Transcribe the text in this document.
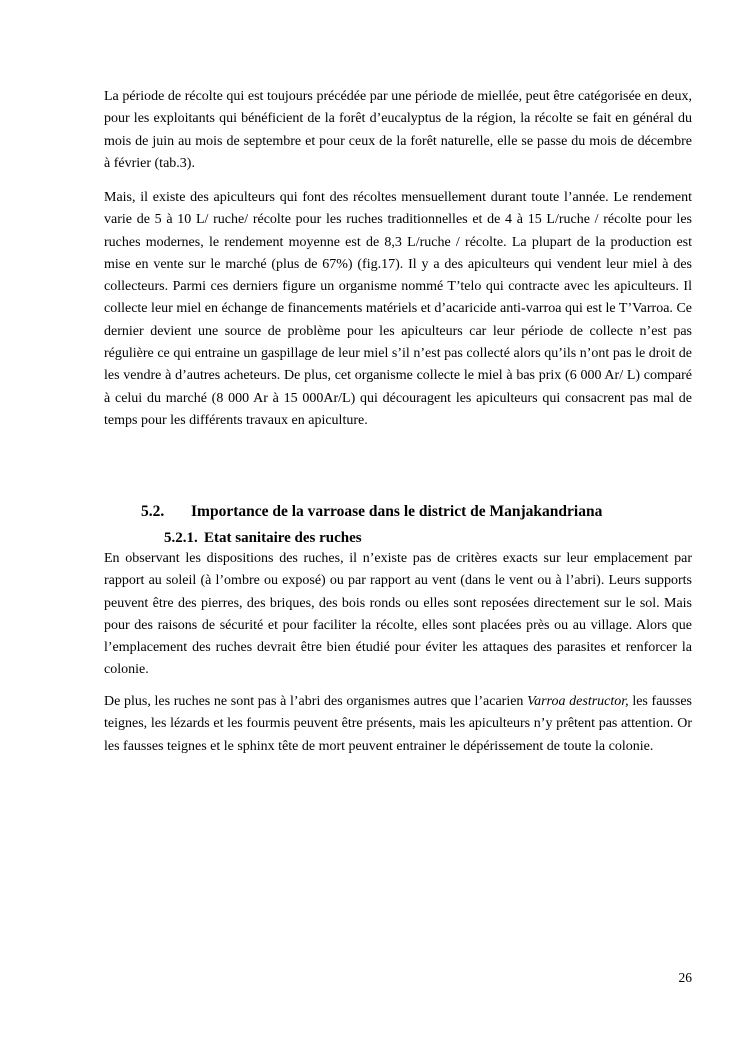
La période de récolte qui est toujours précédée par une période de miellée, peut être catégorisée en deux, pour les exploitants qui bénéficient de la forêt d’eucalyptus de la région, la récolte se fait en général du mois de juin au mois de septembre et pour ceux de la forêt naturelle, elle se passe du mois de décembre à février (tab.3).

Mais, il existe des apiculteurs qui font des récoltes mensuellement durant toute l’année. Le rendement varie de 5 à 10 L/ ruche/ récolte pour les ruches traditionnelles et de 4 à 15 L/ruche / récolte pour les ruches modernes, le rendement moyenne est de 8,3 L/ruche / récolte. La plupart de la production est mise en vente sur le marché (plus de 67%) (fig.17). Il y a des apiculteurs qui vendent leur miel à des collecteurs. Parmi ces derniers figure un organisme nommé T’telo qui contracte avec les apiculteurs. Il collecte leur miel en échange de financements matériels et d’acaricide anti-varroa qui est le T’Varroa. Ce dernier devient une source de problème pour les apiculteurs car leur période de collecte n’est pas régulière ce qui entraine un gaspillage de leur miel s’il n’est pas collecté alors qu’ils n’ont pas le droit de les vendre à d’autres acheteurs. De plus, cet organisme collecte le miel à bas prix (6 000 Ar/ L) comparé à celui du marché (8 000 Ar à 15 000Ar/L) qui découragent les apiculteurs qui consacrent pas mal de temps pour les différents travaux en apiculture.

5.2. Importance de la varroase dans le district de Manjakandriana
5.2.1. Etat sanitaire des ruches

En observant les dispositions des ruches, il n’existe pas de critères exacts sur leur emplacement par rapport au soleil (à l’ombre ou exposé) ou par rapport au vent (dans le vent ou à l’abri). Leurs supports peuvent être des pierres, des briques, des bois ronds ou elles sont reposées directement sur le sol. Mais pour des raisons de sécurité et pour faciliter la récolte, elles sont placées près ou au village. Alors que l’emplacement des ruches devrait être bien étudié pour éviter les attaques des parasites et renforcer la colonie.

De plus, les ruches ne sont pas à l’abri des organismes autres que l’acarien Varroa destructor, les fausses teignes, les lézards et les fourmis peuvent être présents, mais les apiculteurs n’y prêtent pas attention. Or les fausses teignes et le sphinx tête de mort peuvent entrainer le dépérissement de toute la colonie.

26
